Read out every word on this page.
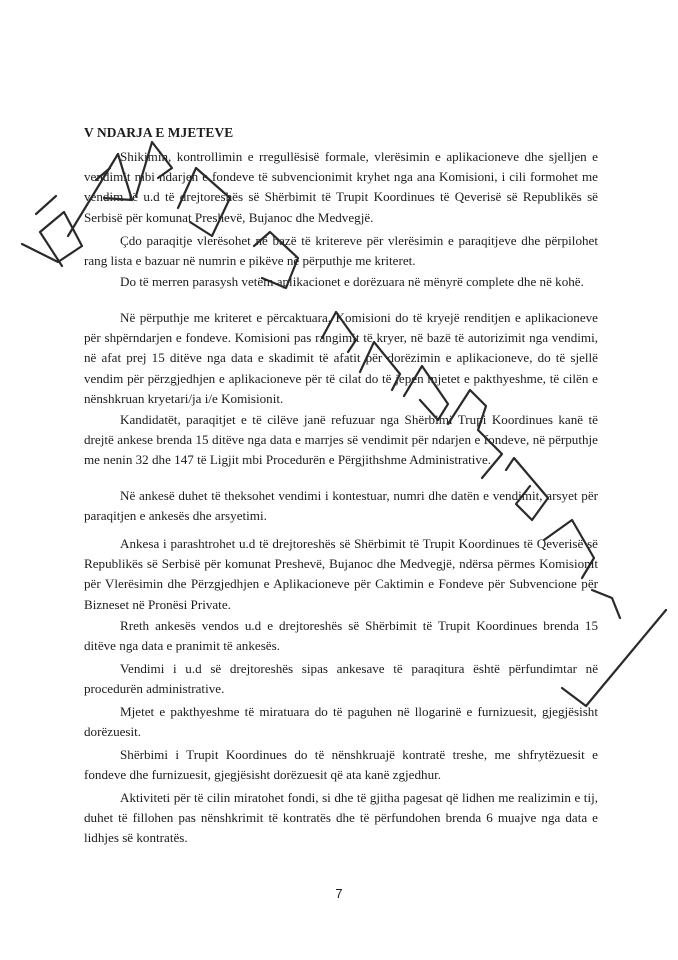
V NDARJA E MJETEVE

Shikimin, kontrollimin e rregullësisë formale, vlerësimin e aplikacioneve dhe sjelljen e vendimit mbi ndarjen e fondeve të subvencionimit kryhet nga ana Komisioni, i cili formohet me vendim të u.d të drejtoreshës së Shërbimit të Trupit Koordinues të Qeverisë së Republikës së Serbisë për komunat Preshevë, Bujanoc dhe Medvegjë.

Çdo paraqitje vlerësohet në bazë të kritereve për vlerësimin e paraqitjeve dhe përpilohet rang lista e bazuar në numrin e pikëve në përputhje me kriteret.

Do të merren parasysh vetëm aplikacionet e dorëzuara në mënyrë complete dhe në kohë.

Në përputhje me kriteret e përcaktuara, Komisioni do të kryejë renditjen e aplikacioneve për shpërndarjen e fondeve. Komisioni pas rangimit të kryer, në bazë të autorizimit nga vendimi, në afat prej 15 ditëve nga data e skadimit të afatit për dorëzimin e aplikacioneve, do të sjellë vendim për përzgjedhjen e aplikacioneve për të cilat do të jepen mjetet e pakthyeshme, të cilën e nënshkruan kryetari/ja i/e Komisionit.

Kandidatët, paraqitjet e të cilëve janë refuzuar nga Shërbimi Trupi Koordinues kanë të drejtë ankese brenda 15 ditëve nga data e marrjes së vendimit për ndarjen e fondeve, në përputhje me nenin 32 dhe 147 të Ligjit mbi Procedurën e Përgjithshme Administrative.

Në ankesë duhet të theksohet vendimi i kontestuar, numri dhe datën e vendimit, arsyet për paraqitjen e ankesës dhe arsyetimi.

Ankesa i parashtrohet u.d të drejtoreshës së Shërbimit të Trupit Koordinues të Qeverisë së Republikës së Serbisë për komunat Preshevë, Bujanoc dhe Medvegjë, ndërsa përmes Komisionit për Vlerësimin dhe Përzgjedhjen e Aplikacioneve për Caktimin e Fondeve për Subvencione për Bizneset në Pronësi Private.

Rreth ankesës vendos u.d e drejtoreshës së Shërbimit të Trupit Koordinues brenda 15 ditëve nga data e pranimit të ankesës.

Vendimi i u.d së drejtoreshës sipas ankesave të paraqitura është përfundimtar në procedurën administrative.

Mjetet e pakthyeshme të miratuara do të paguhen në llogarinë e furnizuesit, gjegjësisht dorëzuesit.

Shërbimi i Trupit Koordinues do të nënshkruajë kontratë treshe, me shfrytëzuesit e fondeve dhe furnizuesit, gjegjësisht dorëzuesit që ata kanë zgjedhur.

Aktiviteti për të cilin miratohet fondi, si dhe të gjitha pagesat që lidhen me realizimin e tij, duhet të fillohen pas nënshkrimit të kontratës dhe të përfundohen brenda 6 muajve nga data e lidhjes së kontratës.

7
